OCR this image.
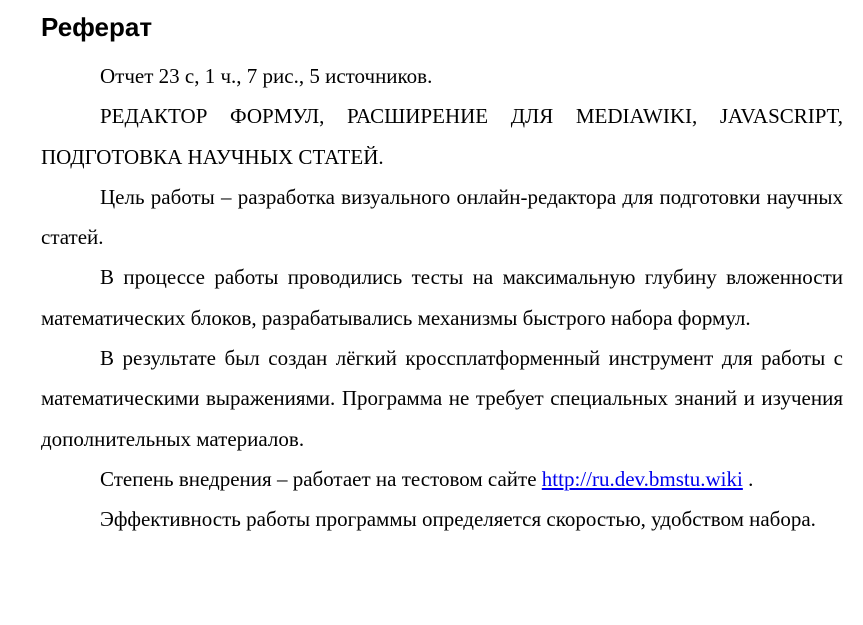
Реферат

Отчет 23 с, 1 ч., 7 рис., 5 источников.

РЕДАКТОР ФОРМУЛ, РАСШИРЕНИЕ ДЛЯ MEDIAWIKI, JAVASCRIPT, ПОДГОТОВКА НАУЧНЫХ СТАТЕЙ.

Цель работы – разработка визуального онлайн-редактора для подготовки научных статей.

В процессе работы проводились тесты на максимальную глубину вложенности математических блоков, разрабатывались механизмы быстрого набора формул.

В результате был создан лёгкий кроссплатформенный инструмент для работы с математическими выражениями. Программа не требует специальных знаний и изучения дополнительных материалов.

Степень внедрения – работает на тестовом сайте http://ru.dev.bmstu.wiki .

Эффективность работы программы определяется скоростью, удобством набора.
